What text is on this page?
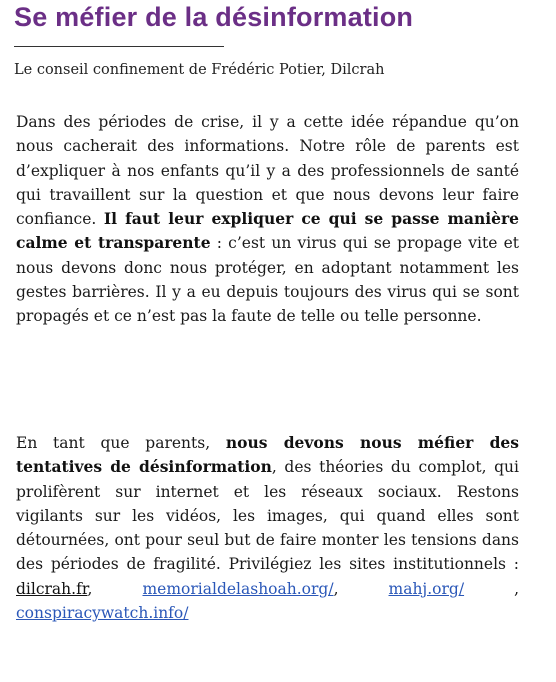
Se méfier de la désinformation

Le conseil confinement de Frédéric Potier, Dilcrah

Dans des périodes de crise, il y a cette idée répandue qu’on nous cacherait des informations. Notre rôle de parents est d’expliquer à nos enfants qu’il y a des professionnels de santé qui travaillent sur la question et que nous devons leur faire confiance. Il faut leur expliquer ce qui se passe manière calme et transparente : c’est un virus qui se propage vite et nous devons donc nous protéger, en adoptant notamment les gestes barrières. Il y a eu depuis toujours des virus qui se sont propagés et ce n’est pas la faute de telle ou telle personne.

En tant que parents, nous devons nous méfier des tentatives de désinformation, des théories du complot, qui prolifèrent sur internet et les réseaux sociaux. Restons vigilants sur les vidéos, les images, qui quand elles sont détournées, ont pour seul but de faire monter les tensions dans des périodes de fragilité. Privilégiez les sites institutionnels : dilcrah.fr, memorialdelashoah.org/, mahj.org/ , conspiracywatch.info/
